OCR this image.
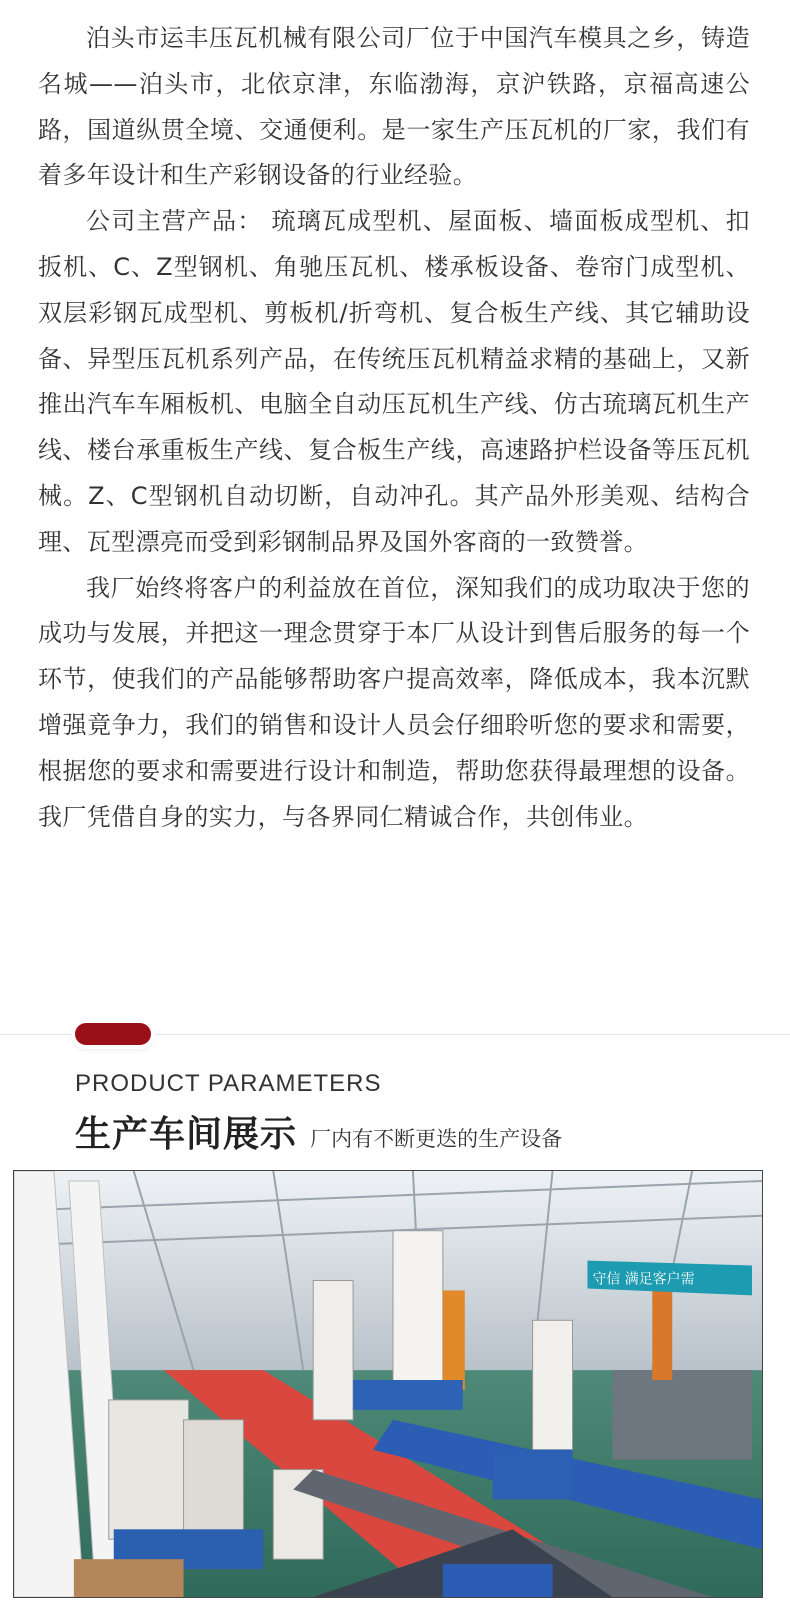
泊头市运丰压瓦机械有限公司厂位于中国汽车模具之乡，铸造名城——泊头市，北依京津，东临渤海，京沪铁路，京福高速公路，国道纵贯全境、交通便利。是一家生产压瓦机的厂家，我们有着多年设计和生产彩钢设备的行业经验。

公司主营产品： 琉璃瓦成型机、屋面板、墙面板成型机、扣扳机、C、Z型钢机、角驰压瓦机、楼承板设备、卷帘门成型机、双层彩钢瓦成型机、剪板机/折弯机、复合板生产线、其它辅助设备、异型压瓦机系列产品，在传统压瓦机精益求精的基础上，又新推出汽车车厢板机、电脑全自动压瓦机生产线、仿古琉璃瓦机生产线、楼台承重板生产线、复合板生产线，高速路护栏设备等压瓦机械。Z、C型钢机自动切断，自动冲孔。其产品外形美观、结构合理、瓦型漂亮而受到彩钢制品界及国外客商的一致赞誉。

我厂始终将客户的利益放在首位，深知我们的成功取决于您的成功与发展，并把这一理念贯穿于本厂从设计到售后服务的每一个环节，使我们的产品能够帮助客户提高效率，降低成本，我本沉默增强竟争力，我们的销售和设计人员会仔细聆听您的要求和需要，根据您的要求和需要进行设计和制造，帮助您获得最理想的设备。我厂凭借自身的实力，与各界同仁精诚合作，共创伟业。

PRODUCT PARAMETERS

生产车间展示 厂内有不断更迭的生产设备
守信 满足客户需
